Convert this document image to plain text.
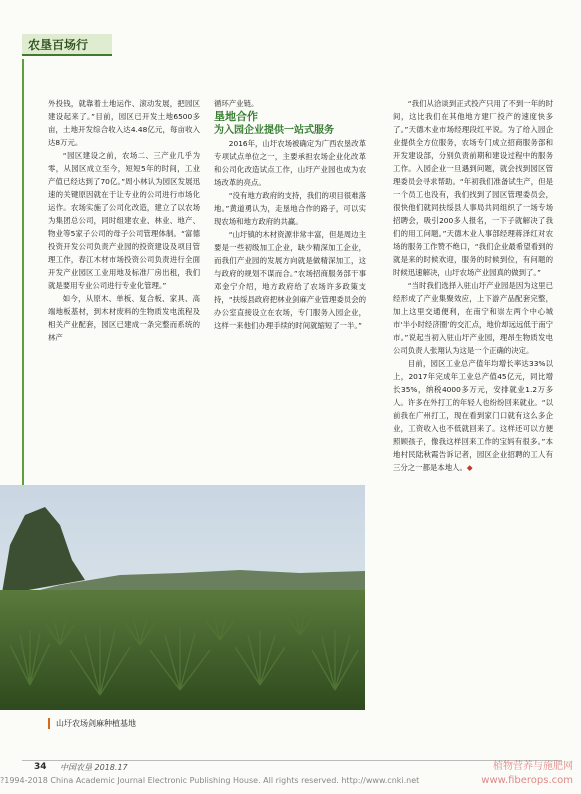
农垦百场行

外投钱，就靠着土地运作、滚动发展，把园区建设起来了。”目前，园区已开发土地6500多亩，土地开发综合收入达4.48亿元，每亩收入达8万元。

“园区建设之前，农场二、三产业几乎为零，从园区成立至今，短短5年的时间，工业产值已经达到了70亿。”周小林认为园区发展迅速的关键原因就在于让专业的公司进行市场化运作。农场实施了公司化改造，建立了以农场为集团总公司，同时组建农业、林业、地产、物业等5家子公司的母子公司管理体制。“富德投资开发公司负责产业园的投资建设及项目管理工作，春江木材市场投资公司负责进行全面开发产业园区工业用地及标准厂房出租，我们就是要用专业公司进行专业化管理。”

如今，从原木、单板、复合板、家具、高端地板基材，到木材废料的生物质发电流程及相关产业配套，园区已建成一条完整而系统的林产

循环产业链。

垦地合作

为入园企业提供一站式服务

2016年，山圩农场被确定为广西农垦改革专项试点单位之一，主要承担农场企业化改革和公司化改造试点工作，山圩产业园也成为农场改革的亮点。

“没有地方政府的支持，我们的项目很难落地。”黄道勇认为，走垦地合作的路子，可以实现农场和地方政府的共赢。

“山圩镇的木材资源非常丰富，但是周边主要是一些初级加工企业，缺少精深加工企业，而我们产业园的发展方向就是做精深加工，这与政府的规划不谋而合。”农场招商服务部干事邓金宁介绍，地方政府给了农场许多政策支持，“扶绥县政府把林业剑麻产业管理委员会的办公室直接设立在农场，专门服务入园企业，这样一来他们办理手续的时间就缩短了一半。”

“我们从洽谈到正式投产只用了不到一年的时间，这比我们在其他地方建厂投产的速度快多了。”天德木业市场经理段红平说。为了给入园企业提供全方位服务，农场专门成立招商服务部和开发建设部，分别负责前期和建设过程中的服务工作。入园企业一旦遇到问题，就会找到园区管理委员会寻求帮助。“年初我们准备试生产，但是一个员工也没有，我们找到了园区管理委员会，很快他们就同扶绥县人事局共同组织了一场专场招聘会，吸引200多人报名，一下子就解决了我们的用工问题。”天德木业人事部经理蒋泽红对农场的服务工作赞不绝口，“我们企业最希望看到的就是来的时候欢迎，服务的时候到位，有问题的时候迅速解决，山圩农场产业园真的做到了。”

“当时我们选择入驻山圩产业园是因为这里已经形成了产业集聚效应，上下游产品配套完整，加上这里交通便利，在南宁和崇左两个中心城市‘半小时经济圈’的交汇点，地价却远远低于南宁市。”说起当初入驻山圩产业园，理昂生物质发电公司负责人张翔认为这是一个正确的决定。

目前，园区工业总产值年均增长率达33%以上，2017年完成年工业总产值45亿元，同比增长35%，纳税4000多万元，安排就业1.2万多人。许多在外打工的年轻人也纷纷回来就业。“以前我在广州打工，现在看到家门口就有这么多企业，工资收入也不低就回来了。这样还可以方便照顾孩子，像我这样回来工作的宝妈有很多。”本地村民陆秋霞告诉记者，园区企业招聘的工人有三分之一都是本地人。◆

山圩农场剑麻种植基地
34 中国农垦 2018.17
?1994-2018 China Academic Journal Electronic Publishing House. All rights reserved. http://www.cnki.net
植物营养与施肥网
www.fiberops.com
